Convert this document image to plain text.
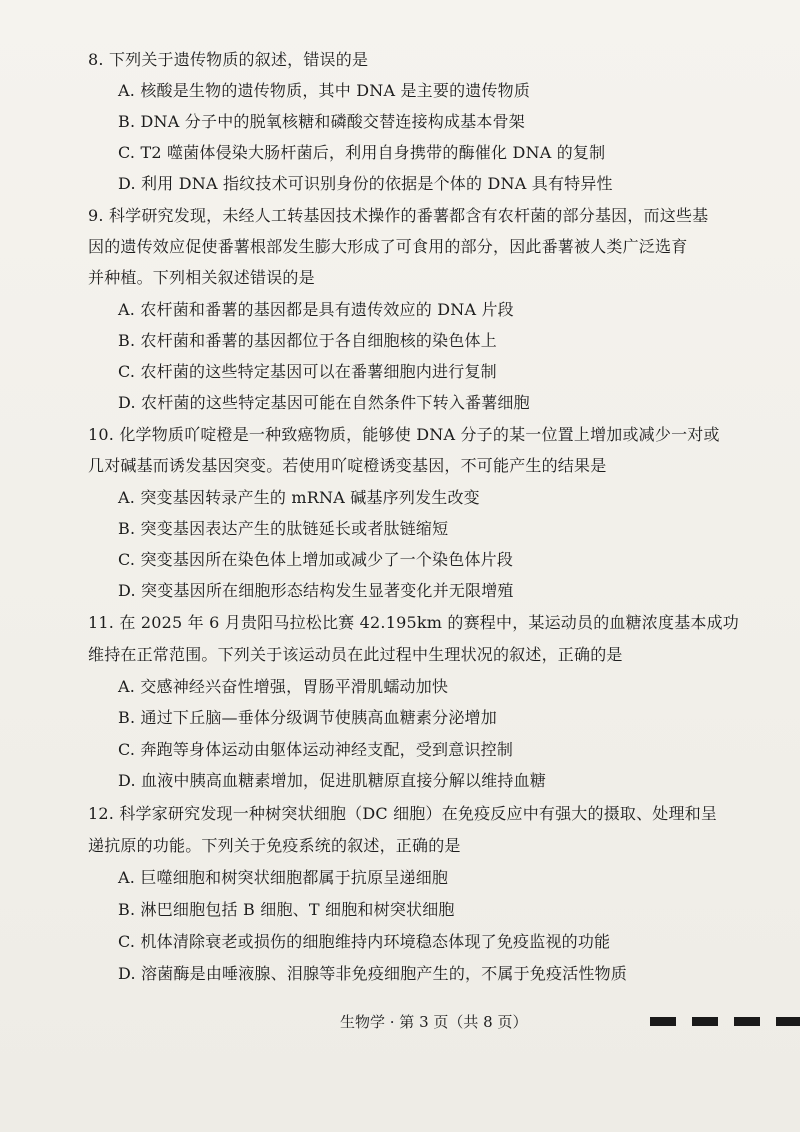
8. 下列关于遗传物质的叙述，错误的是
A. 核酸是生物的遗传物质，其中 DNA 是主要的遗传物质
B. DNA 分子中的脱氧核糖和磷酸交替连接构成基本骨架
C. T2 噬菌体侵染大肠杆菌后，利用自身携带的酶催化 DNA 的复制
D. 利用 DNA 指纹技术可识别身份的依据是个体的 DNA 具有特异性
9. 科学研究发现，未经人工转基因技术操作的番薯都含有农杆菌的部分基因，而这些基
因的遗传效应促使番薯根部发生膨大形成了可食用的部分，因此番薯被人类广泛选育
并种植。下列相关叙述错误的是
A. 农杆菌和番薯的基因都是具有遗传效应的 DNA 片段
B. 农杆菌和番薯的基因都位于各自细胞核的染色体上
C. 农杆菌的这些特定基因可以在番薯细胞内进行复制
D. 农杆菌的这些特定基因可能在自然条件下转入番薯细胞
10. 化学物质吖啶橙是一种致癌物质，能够使 DNA 分子的某一位置上增加或减少一对或
几对碱基而诱发基因突变。若使用吖啶橙诱变基因，不可能产生的结果是
A. 突变基因转录产生的 mRNA 碱基序列发生改变
B. 突变基因表达产生的肽链延长或者肽链缩短
C. 突变基因所在染色体上增加或减少了一个染色体片段
D. 突变基因所在细胞形态结构发生显著变化并无限增殖
11. 在 2025 年 6 月贵阳马拉松比赛 42.195km 的赛程中，某运动员的血糖浓度基本成功
维持在正常范围。下列关于该运动员在此过程中生理状况的叙述，正确的是
A. 交感神经兴奋性增强，胃肠平滑肌蠕动加快
B. 通过下丘脑—垂体分级调节使胰高血糖素分泌增加
C. 奔跑等身体运动由躯体运动神经支配，受到意识控制
D. 血液中胰高血糖素增加，促进肌糖原直接分解以维持血糖
12. 科学家研究发现一种树突状细胞（DC 细胞）在免疫反应中有强大的摄取、处理和呈
递抗原的功能。下列关于免疫系统的叙述，正确的是
A. 巨噬细胞和树突状细胞都属于抗原呈递细胞
B. 淋巴细胞包括 B 细胞、T 细胞和树突状细胞
C. 机体清除衰老或损伤的细胞维持内环境稳态体现了免疫监视的功能
D. 溶菌酶是由唾液腺、泪腺等非免疫细胞产生的，不属于免疫活性物质
生物学 · 第 3 页（共 8 页）
